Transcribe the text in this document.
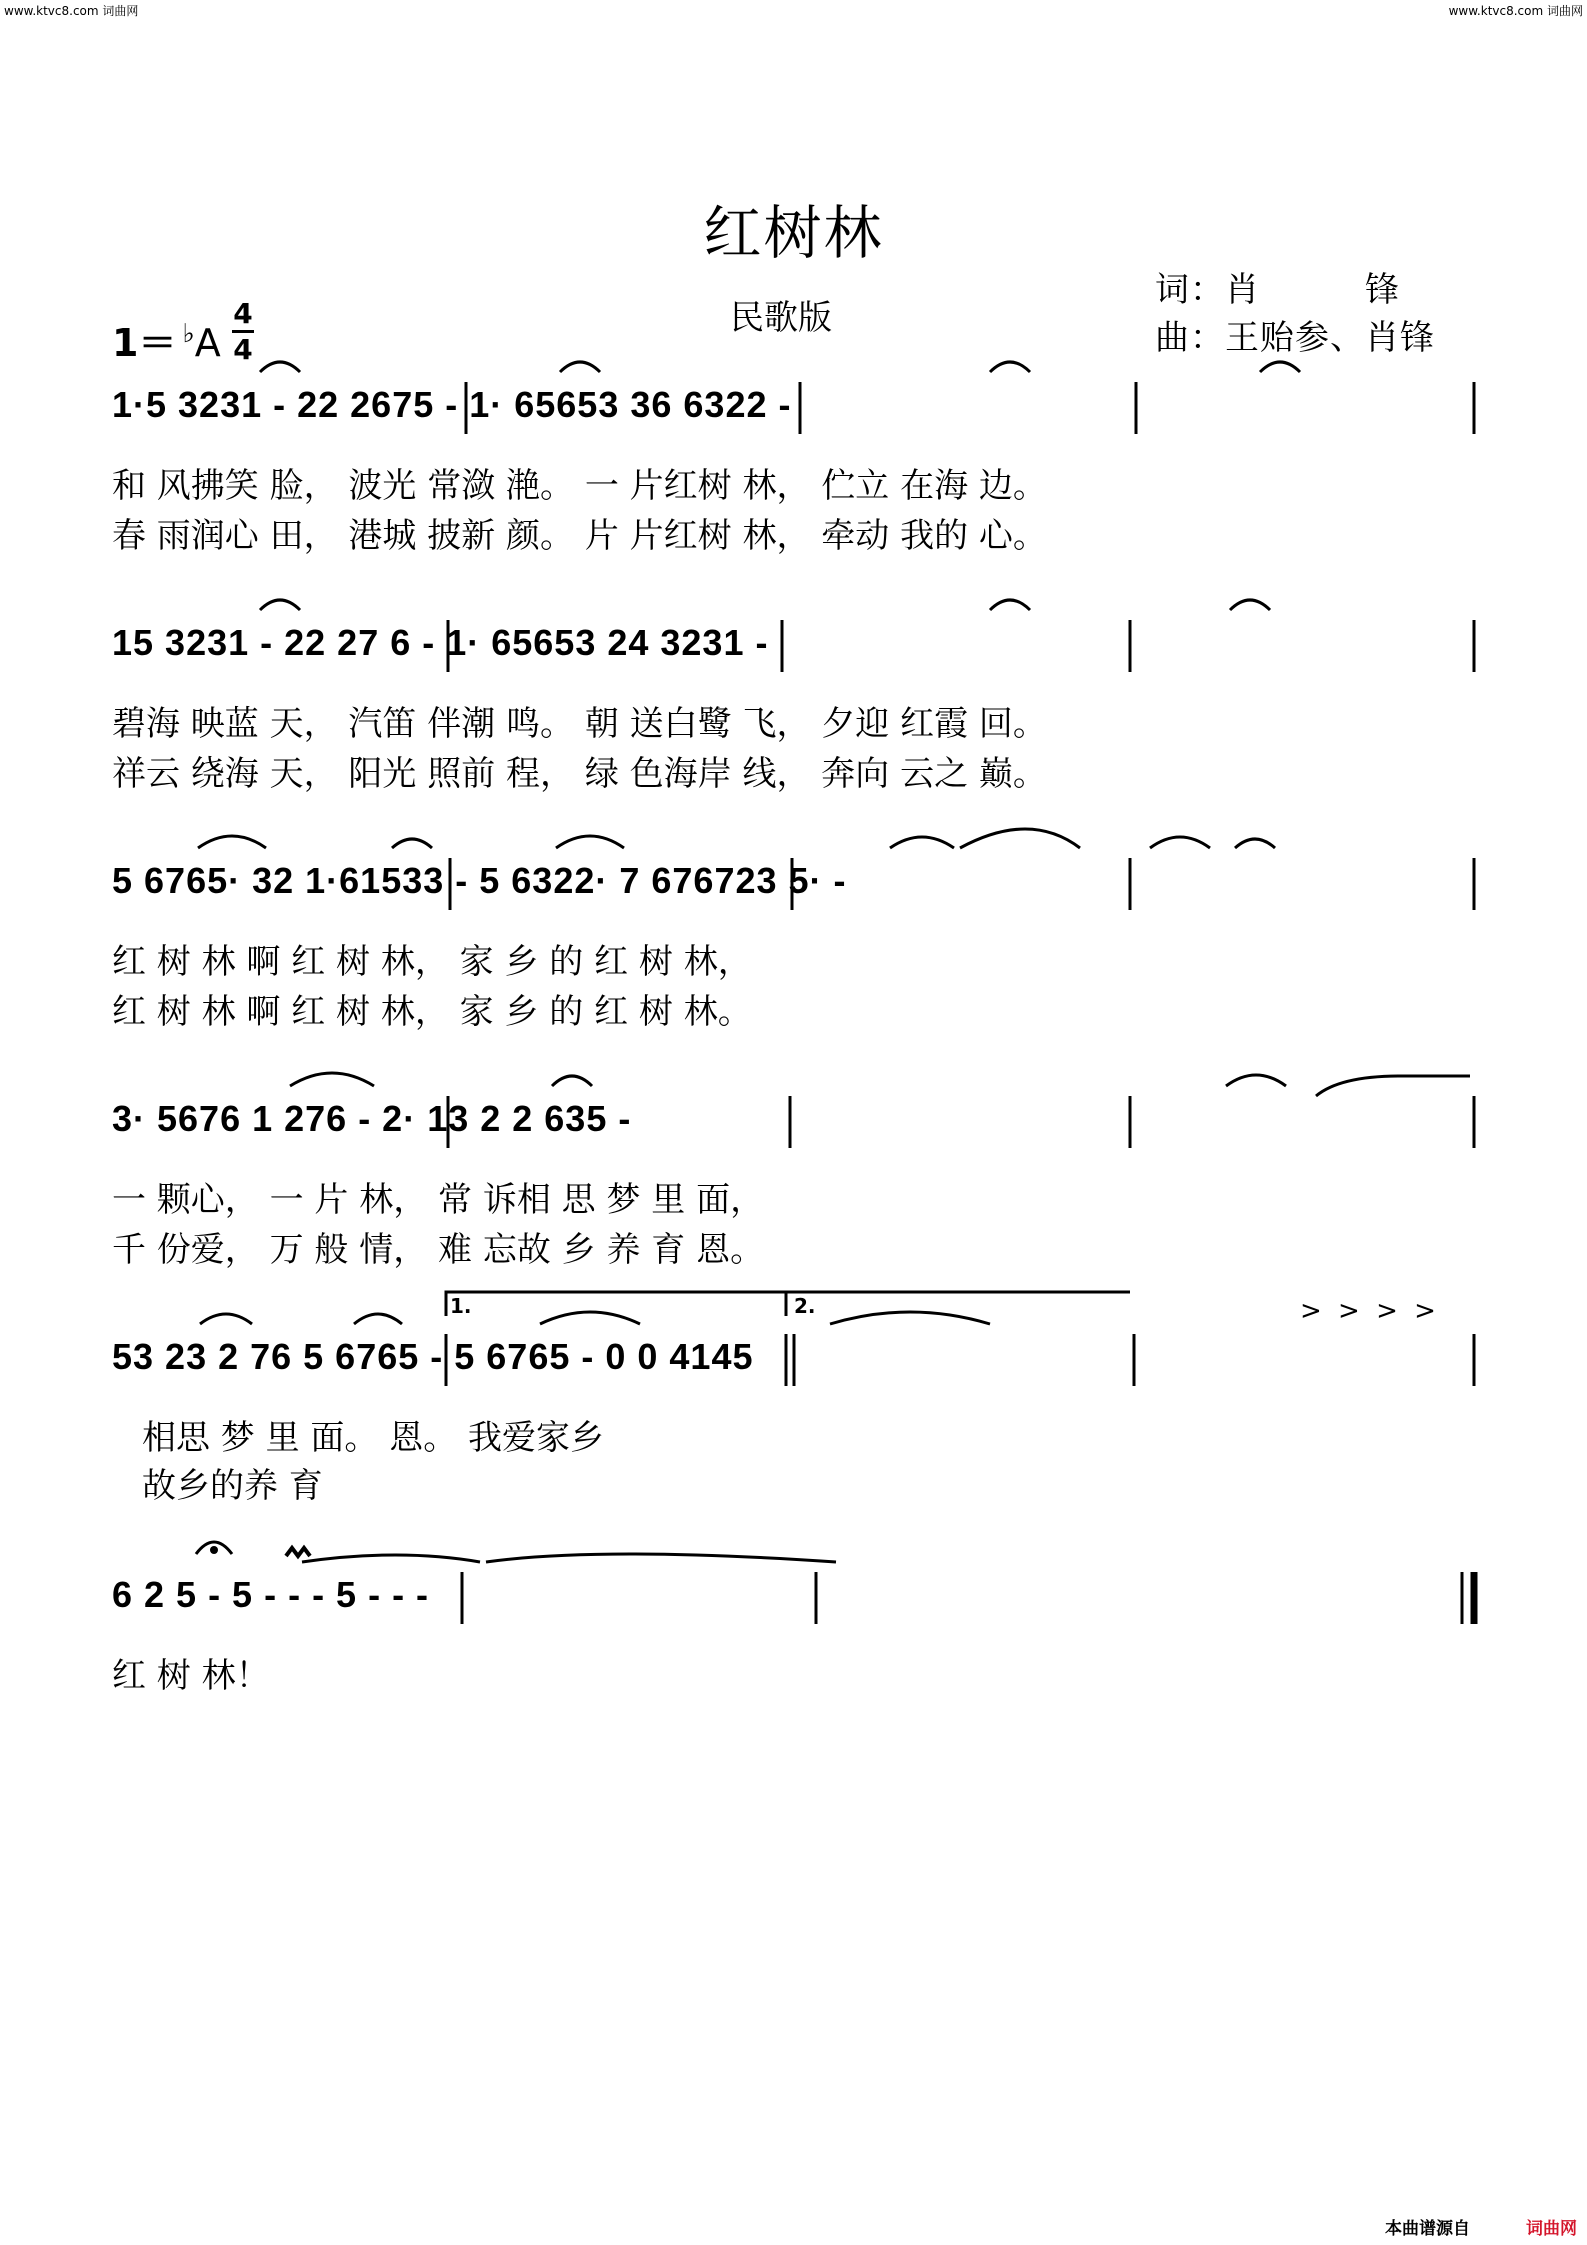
www.ktvc8.com 词曲网	www.ktvc8.com 词曲网
红树林
民歌版
词：肖　　　锋
曲：王贻参、肖锋
1＝ ♭A
4
4
1·5 3231 - 22 2675 - 1· 65653 36 6322 -
和 风拂笑 脸， 波光 常潋 滟。 一 片红树 林， 伫立 在海 边。
春 雨润心 田， 港城 披新 颜。 片 片红树 林， 牵动 我的 心。
15 3231 - 22 27 6 - 1· 65653 24 3231 -
碧海 映蓝 天， 汽笛 伴潮 鸣。 朝 送白鹭 飞， 夕迎 红霞 回。
祥云 绕海 天， 阳光 照前 程， 绿 色海岸 线， 奔向 云之 巅。
5 6765· 32 1·61533 - 5 6322· 7 676723 5· -
红 树 林 啊 红 树 林， 家 乡 的 红 树 林，
红 树 林 啊 红 树 林， 家 乡 的 红 树 林。
3· 5676 1 276 - 2· 13 2 2 635 -
一 颗心， 一 片 林， 常 诉相 思 梦 里 面，
千 份爱， 万 般 情， 难 忘故 乡 养 育 恩。
> > > >
1.	2.
53 23 2 76 5 6765 - 5 6765 - 0 0 4145
相思 梦 里 面。 恩。 我爱家乡
故乡的养 育
6 2 5 - 5 - - - 5 - - -
红 树 林！
本曲谱源自	词曲网
